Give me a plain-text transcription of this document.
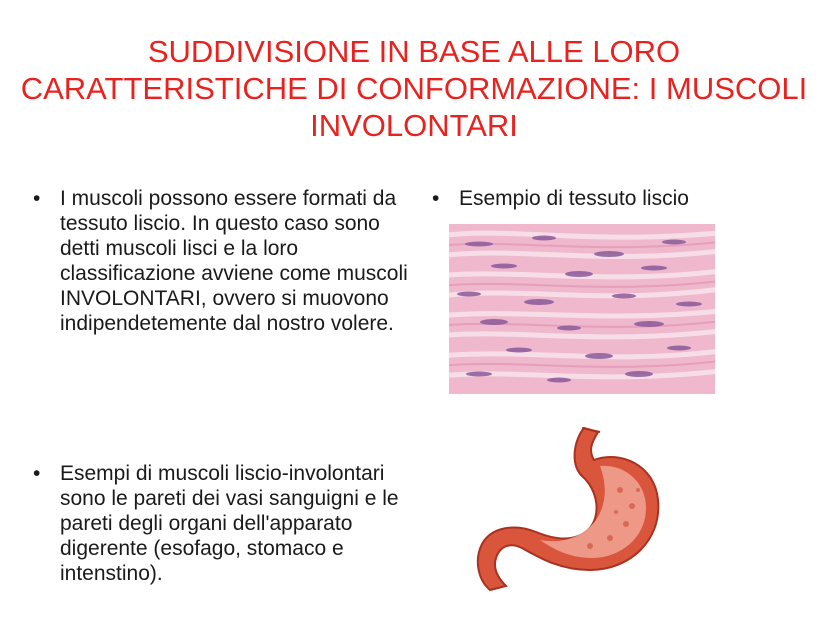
SUDDIVISIONE IN BASE ALLE LORO CARATTERISTICHE DI CONFORMAZIONE: I MUSCOLI INVOLONTARI
• I muscoli possono essere formati da tessuto liscio. In questo caso sono detti muscoli lisci e la loro classificazione avviene come muscoli INVOLONTARI, ovvero si muovono indipendetemente dal nostro volere.
• Esempi di muscoli liscio-involontari sono le pareti dei vasi sanguigni e le pareti degli organi dell'apparato digerente (esofago, stomaco e intenstino).
• Esempio di tessuto liscio
